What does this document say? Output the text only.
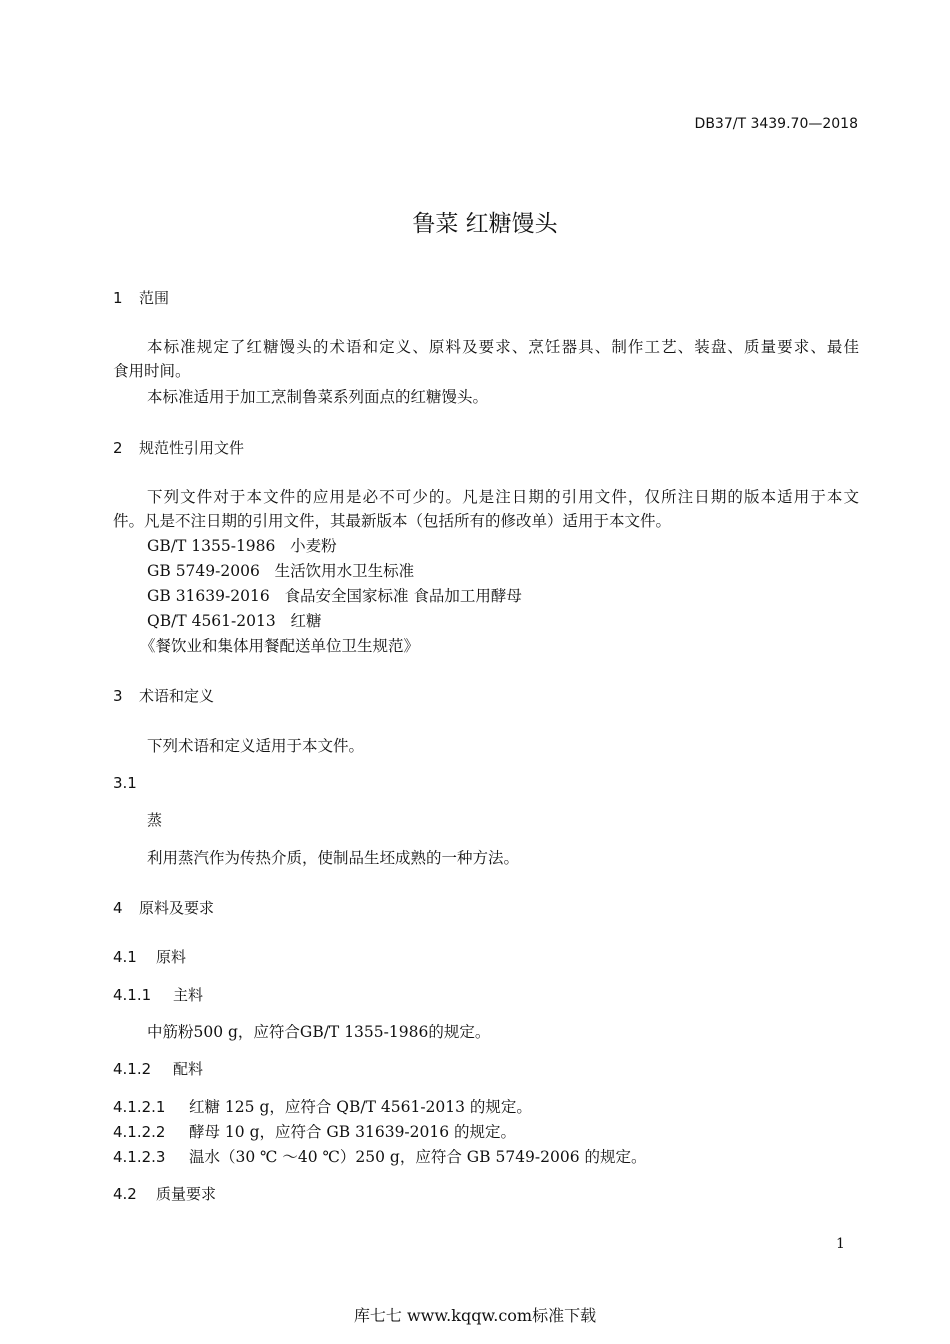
DB37/T 3439.70—2018
鲁菜 红糖馒头
1 范围
本标准规定了红糖馒头的术语和定义、原料及要求、烹饪器具、制作工艺、装盘、质量要求、最佳
食用时间。
本标准适用于加工烹制鲁菜系列面点的红糖馒头。
2 规范性引用文件
下列文件对于本文件的应用是必不可少的。凡是注日期的引用文件，仅所注日期的版本适用于本文
件。凡是不注日期的引用文件，其最新版本（包括所有的修改单）适用于本文件。
GB/T 1355-1986 小麦粉
GB 5749-2006 生活饮用水卫生标准
GB 31639-2016 食品安全国家标准 食品加工用酵母
QB/T 4561-2013 红糖
《餐饮业和集体用餐配送单位卫生规范》
3 术语和定义
下列术语和定义适用于本文件。
3.1
蒸
利用蒸汽作为传热介质，使制品生坯成熟的一种方法。
4 原料及要求
4.1 原料
4.1.1 主料
中筋粉500 g，应符合GB/T 1355-1986的规定。
4.1.2 配料
4.1.2.1 红糖 125 g，应符合 QB/T 4561-2013 的规定。
4.1.2.2 酵母 10 g，应符合 GB 31639-2016 的规定。
4.1.2.3 温水（30 ℃ ～40 ℃）250 g，应符合 GB 5749-2006 的规定。
4.2 质量要求
1
库七七 www.kqqw.com标准下载
